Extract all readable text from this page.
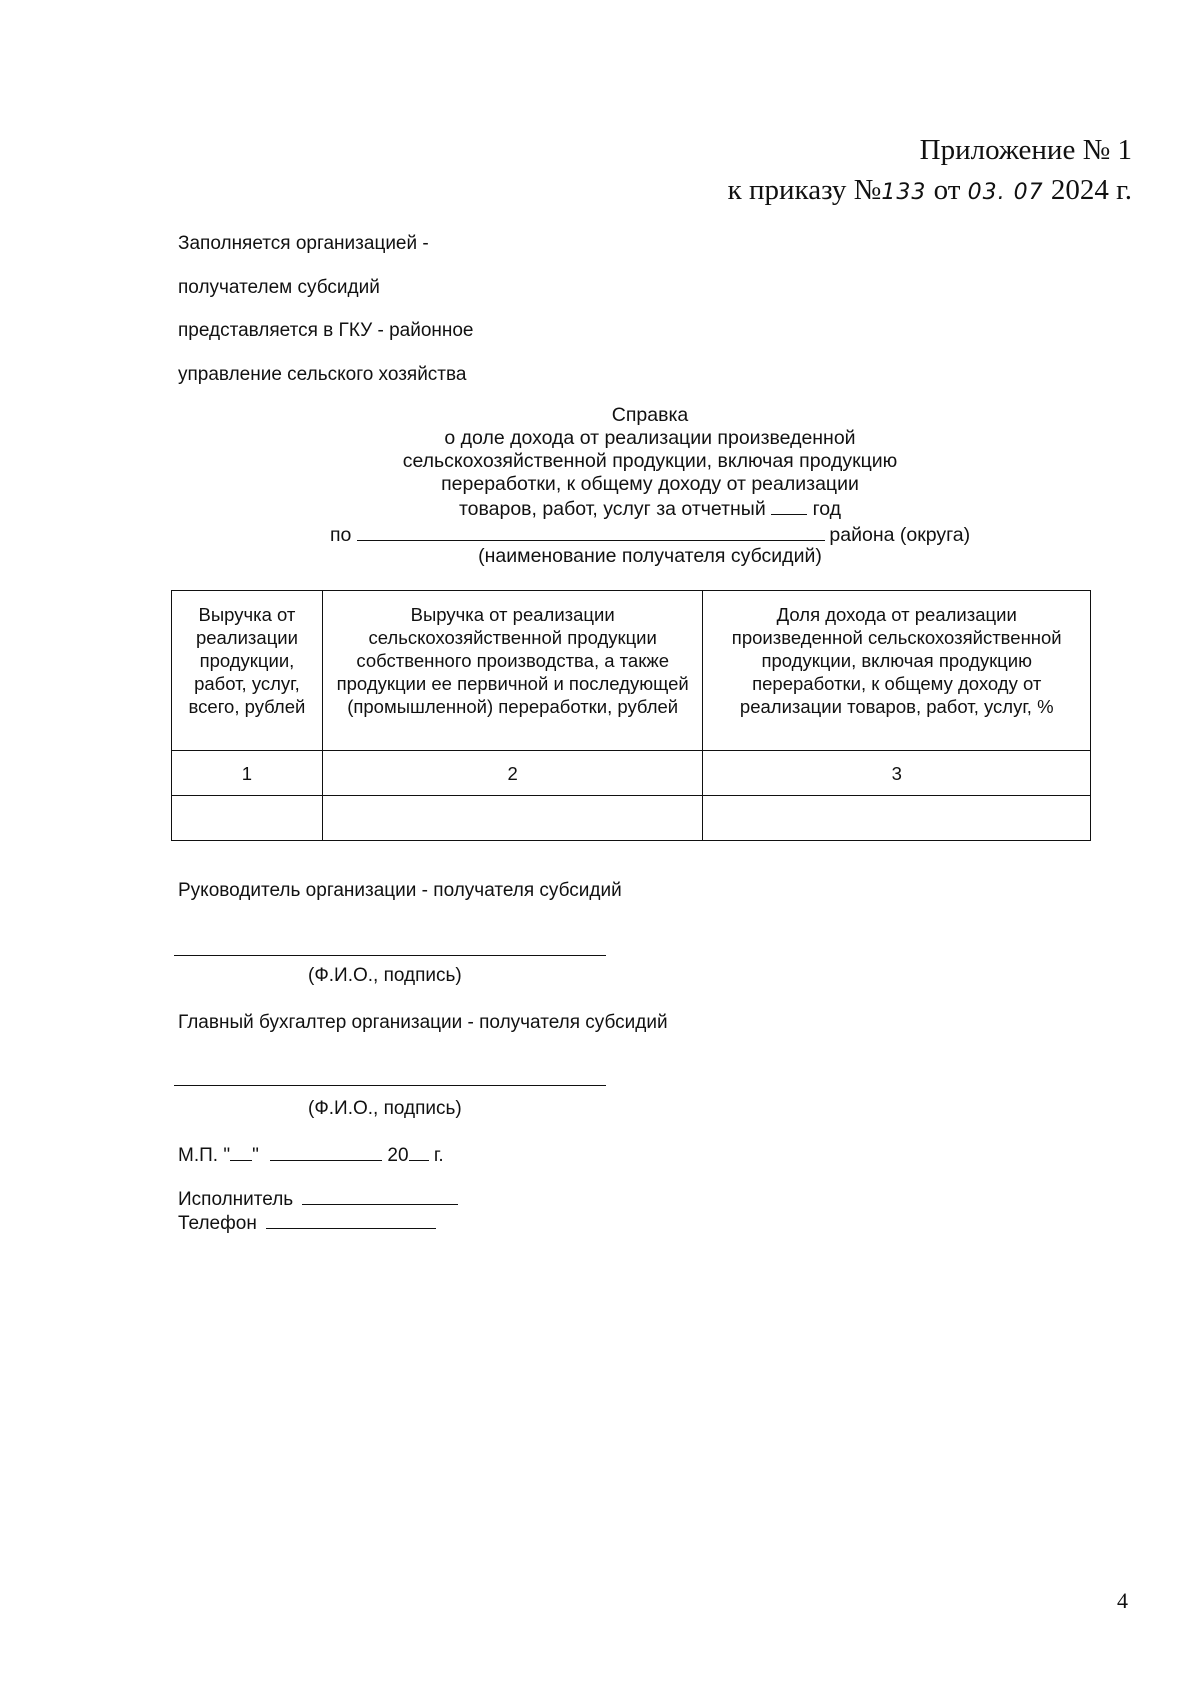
Приложение № 1
к приказу №133 от 03. 07 2024 г.
Заполняется организацией -
получателем субсидий
представляется в ГКУ - районное
управление сельского хозяйства
Справка
о доле дохода от реализации произведенной
сельскохозяйственной продукции, включая продукцию
переработки, к общему доходу от реализации
товаров, работ, услуг за отчетный год
по	района (округа)
(наименование получателя субсидий)
Выручка от реализации продукции, работ, услуг, всего, рублей	Выручка от реализации сельскохозяйственной продукции собственного производства, а также продукции ее первичной и последующей (промышленной) переработки, рублей	Доля дохода от реализации произведенной сельскохозяйственной продукции, включая продукцию переработки, к общему доходу от реализации товаров, работ, услуг, %
1	2	3

Руководитель организации - получателя субсидий
(Ф.И.О., подпись)
Главный бухгалтер организации - получателя субсидий
(Ф.И.О., подпись)
М.П. " "	20 г.
Исполнитель
Телефон
4
